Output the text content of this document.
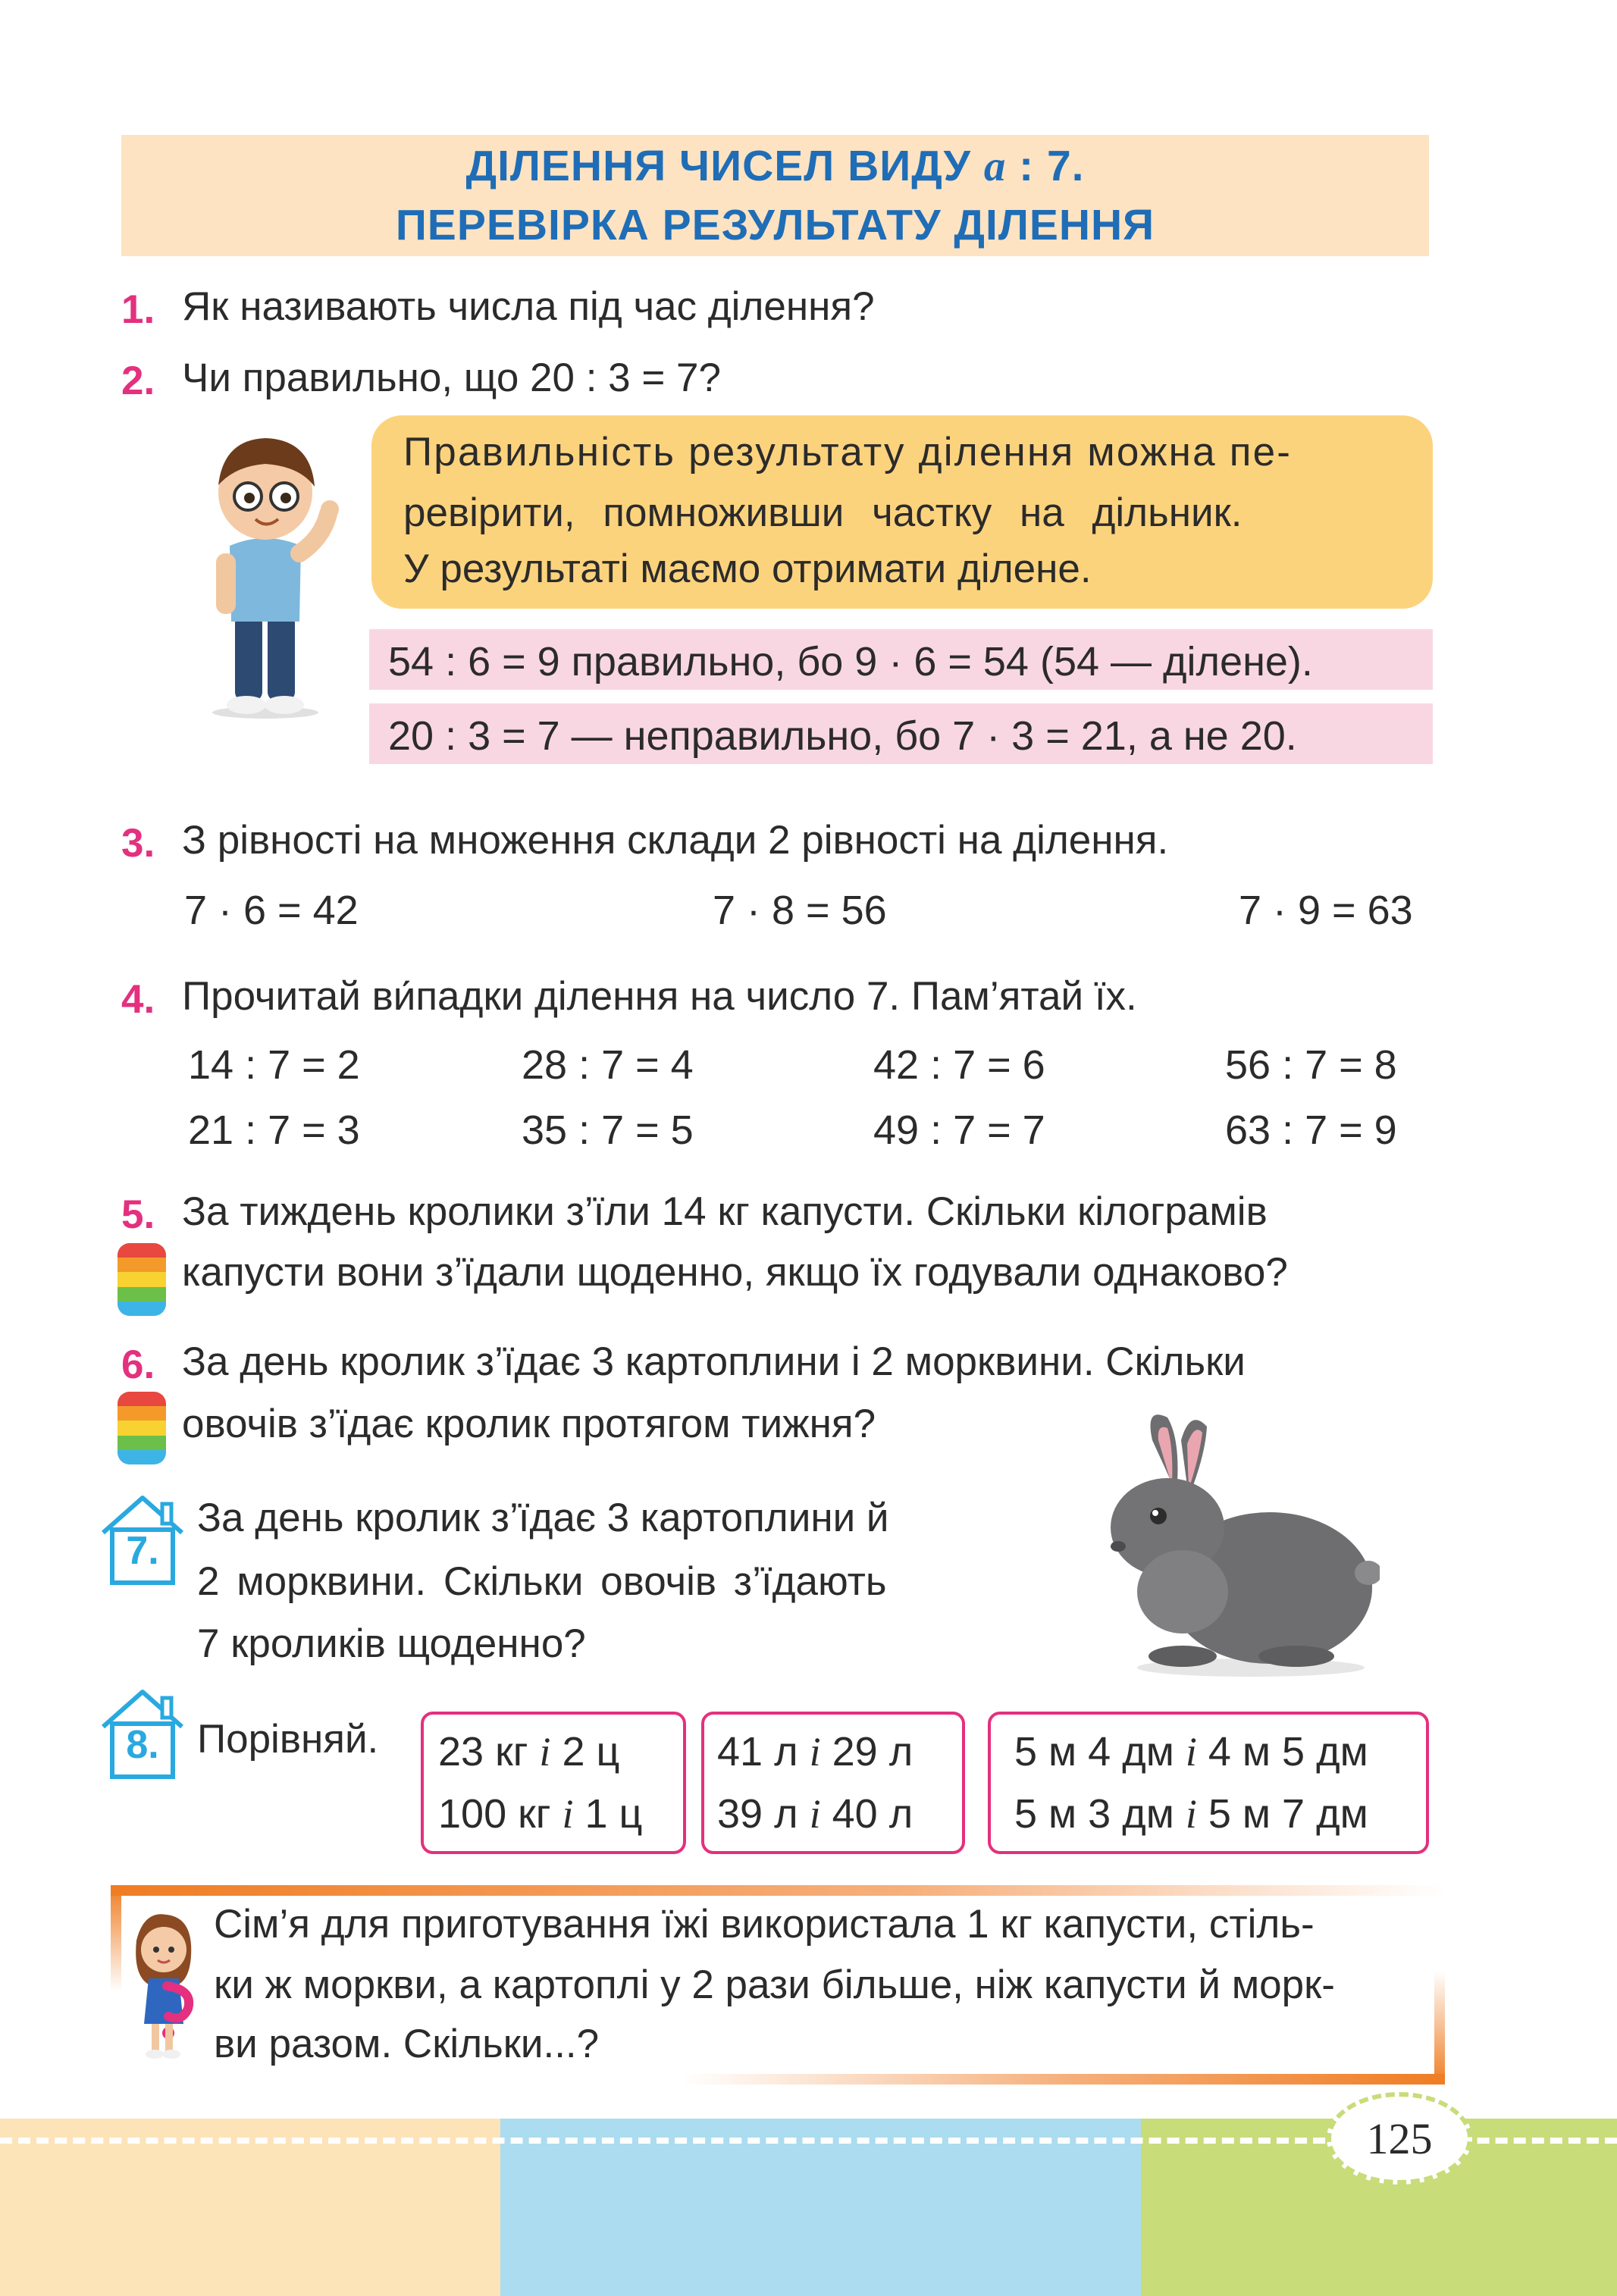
ДІЛЕННЯ ЧИСЕЛ ВИДУ а : 7.
ПЕРЕВІРКА РЕЗУЛЬТАТУ ДІЛЕННЯ
1. Як називають числа під час ділення?
2. Чи правильно, що 20 : 3 = 7?
Правильність результату ділення можна пе-
ревірити, помноживши частку на дільник.
У результаті маємо отримати ділене.
54 : 6 = 9 правильно, бо 9 · 6 = 54 (54 — ділене).
20 : 3 = 7 — неправильно, бо 7 · 3 = 21, а не 20.
3. З рівності на множення склади 2 рівності на ділення.
7 · 6 = 42	7 · 8 = 56	7 · 9 = 63
4. Прочитай ви́падки ділення на число 7. Пам’ятай їх.
14 : 7 = 2	28 : 7 = 4	42 : 7 = 6	56 : 7 = 8
21 : 7 = 3	35 : 7 = 5	49 : 7 = 7	63 : 7 = 9
5. За тиждень кролики з’їли 14 кг капусти. Скільки кілограмів
капусти вони з’їдали щоденно, якщо їх годували однаково?
6. За день кролик з’їдає 3 картоплини і 2 морквини. Скільки
овочів з’їдає кролик протягом тижня?
7.
За день кролик з’їдає 3 картоплини й
2 морквини. Скільки овочів з’їдають
7 кроликів щоденно?
8. Порівняй. 23 кг і 2 ц
100 кг і 1 ц
41 л і 29 л
39 л і 40 л
5 м 4 дм і 4 м 5 дм
5 м 3 дм і 5 м 7 дм
Сім’я для приготування їжі використала 1 кг капусти, стіль-
ки ж моркви, а картоплі у 2 рази більше, ніж капусти й морк-
ви разом. Скільки...?
125
